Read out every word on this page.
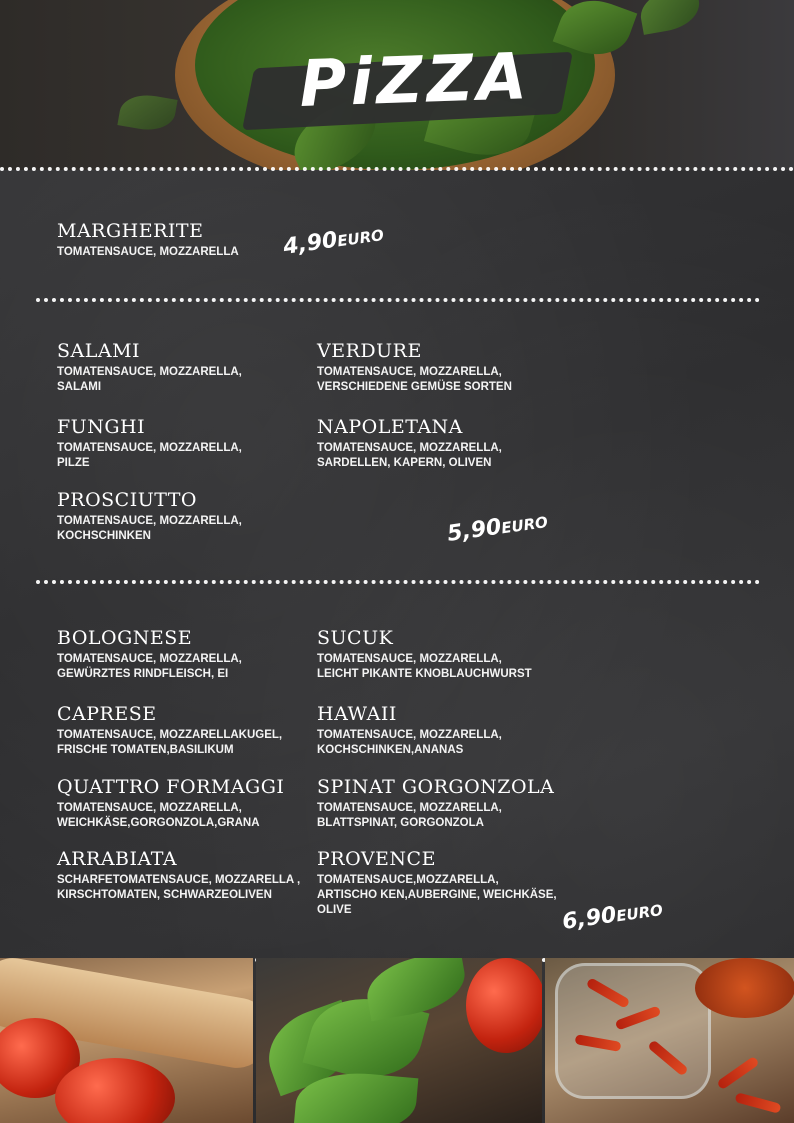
PiZZA
MARGHERITE
TOMATENSAUCE, MOZZARELLA 4,90EURO
SALAMI
TOMATENSAUCE, MOZZARELLA,
SALAMI
VERDURE
TOMATENSAUCE, MOZZARELLA,
VERSCHIEDENE GEMÜSE SORTEN
FUNGHI
TOMATENSAUCE, MOZZARELLA,
PILZE
NAPOLETANA
TOMATENSAUCE, MOZZARELLA,
SARDELLEN, KAPERN, OLIVEN
PROSCIUTTO
TOMATENSAUCE, MOZZARELLA,
KOCHSCHINKEN	5,90EURO
BOLOGNESE
TOMATENSAUCE, MOZZARELLA,
GEWÜRZTES RINDFLEISCH, EI
SUCUK
TOMATENSAUCE, MOZZARELLA,
LEICHT PIKANTE KNOBLAUCHWURST
CAPRESE
TOMATENSAUCE, MOZZARELLAKUGEL,
FRISCHE TOMATEN,BASILIKUM
HAWAII
TOMATENSAUCE, MOZZARELLA,
KOCHSCHINKEN,ANANAS
QUATTRO FORMAGGI
TOMATENSAUCE, MOZZARELLA,
WEICHKÄSE,GORGONZOLA,GRANA
SPINAT GORGONZOLA
TOMATENSAUCE, MOZZARELLA,
BLATTSPINAT, GORGONZOLA
ARRABIATA
SCHARFETOMATENSAUCE, MOZZARELLA ,
KIRSCHTOMATEN, SCHWARZEOLIVEN
PROVENCE
TOMATENSAUCE,MOZZARELLA,
ARTISCHO KEN,AUBERGINE, WEICHKÄSE,
OLIVE	6,90EURO
